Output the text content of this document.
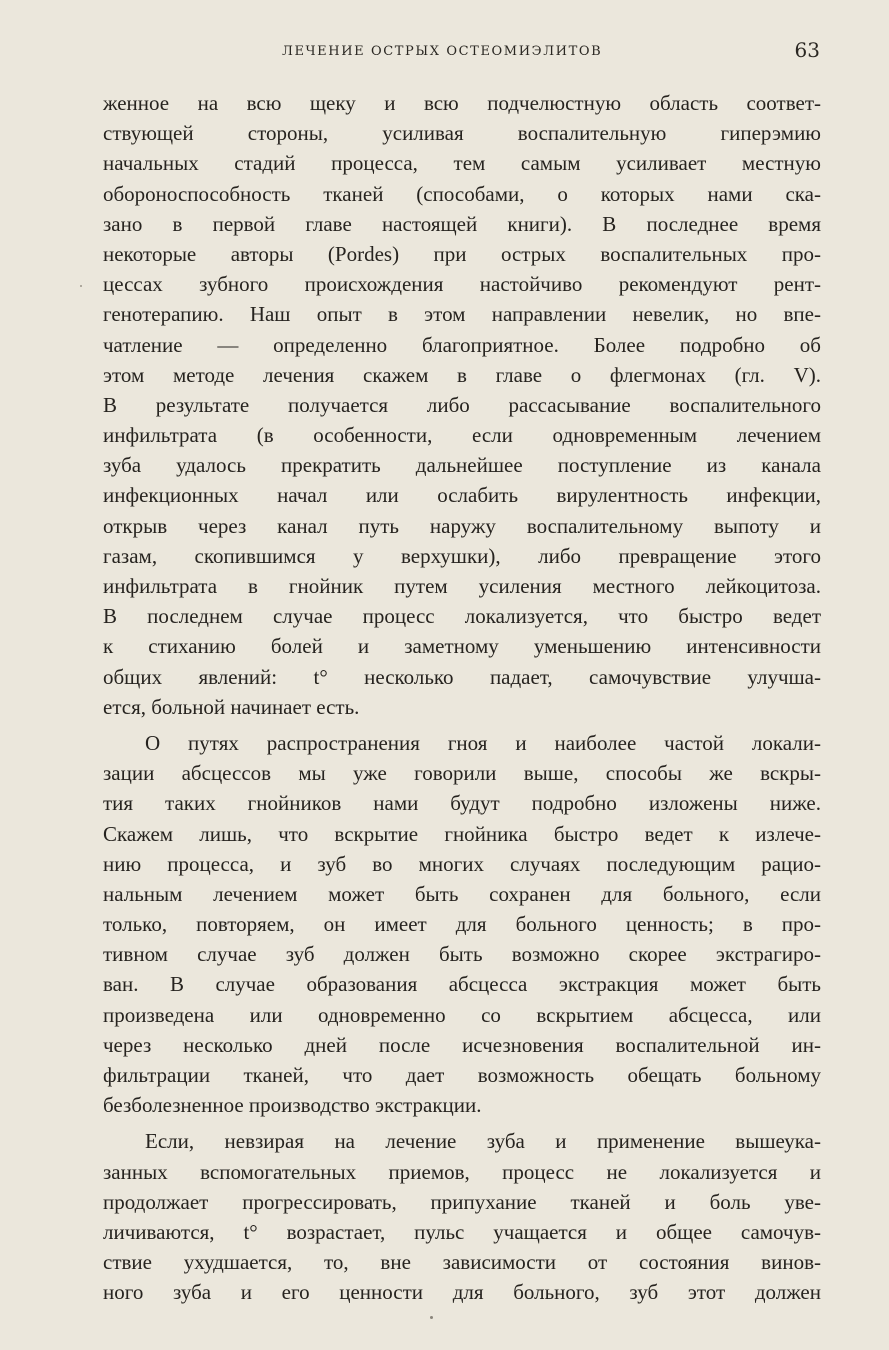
ЛЕЧЕНИЕ ОСТРЫХ ОСТЕОМИЭЛИТОВ	63
женное на всю щеку и всю подчелюстную область соответ-
ствующей стороны, усиливая воспалительную гиперэмию
начальных стадий процесса, тем самым усиливает местную
обороноспособность тканей (способами, о которых нами ска-
зано в первой главе настоящей книги). В последнее время
некоторые авторы (Pordes) при острых воспалительных про-
цессах зубного происхождения настойчиво рекомендуют рент-
генотерапию. Наш опыт в этом направлении невелик, но впе-
чатление — определенно благоприятное. Более подробно об
этом методе лечения скажем в главе о флегмонах (гл. V).
В результате получается либо рассасывание воспалительного
инфильтрата (в особенности, если одновременным лечением
зуба удалось прекратить дальнейшее поступление из канала
инфекционных начал или ослабить вирулентность инфекции,
открыв через канал путь наружу воспалительному выпоту и
газам, скопившимся у верхушки), либо превращение этого
инфильтрата в гнойник путем усиления местного лейкоцитоза.
В последнем случае процесс локализуется, что быстро ведет
к стиханию болей и заметному уменьшению интенсивности
общих явлений: t° несколько падает, самочувствие улучша-
ется, больной начинает есть.
О путях распространения гноя и наиболее частой локали-
зации абсцессов мы уже говорили выше, способы же вскры-
тия таких гнойников нами будут подробно изложены ниже.
Скажем лишь, что вскрытие гнойника быстро ведет к излече-
нию процесса, и зуб во многих случаях последующим рацио-
нальным лечением может быть сохранен для больного, если
только, повторяем, он имеет для больного ценность; в про-
тивном случае зуб должен быть возможно скорее экстрагиро-
ван. В случае образования абсцесса экстракция может быть
произведена или одновременно со вскрытием абсцесса, или
через несколько дней после исчезновения воспалительной ин-
фильтрации тканей, что дает возможность обещать больному
безболезненное производство экстракции.
Если, невзирая на лечение зуба и применение вышеука-
занных вспомогательных приемов, процесс не локализуется и
продолжает прогрессировать, припухание тканей и боль уве-
личиваются, t° возрастает, пульс учащается и общее самочув-
ствие ухудшается, то, вне зависимости от состояния винов-
ного зуба и его ценности для больного, зуб этот должен
